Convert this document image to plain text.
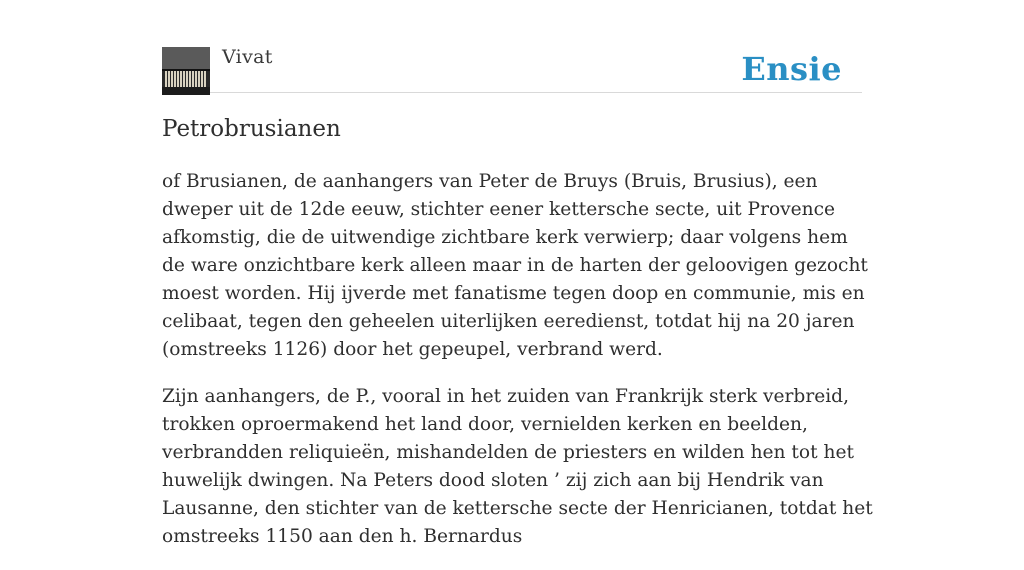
Vivat	Ensie
Petrobrusianen

of Brusianen, de aanhangers van Peter de Bruys (Bruis, Brusius), een dweper uit de 12de eeuw, stichter eener kettersche secte, uit Provence afkomstig, die de uitwendige zichtbare kerk verwierp; daar volgens hem de ware onzichtbare kerk alleen maar in de harten der geloovigen gezocht moest worden. Hij ijverde met fanatisme tegen doop en communie, mis en celibaat, tegen den geheelen uiterlijken eeredienst, totdat hij na 20 jaren (omstreeks 1126) door het gepeupel, verbrand werd.

Zijn aanhangers, de P., vooral in het zuiden van Frankrijk sterk verbreid, trokken oproermakend het land door, vernielden kerken en beelden, verbrandden reliquieën, mishandelden de priesters en wilden hen tot het huwelijk dwingen. Na Peters dood sloten ’ zij zich aan bij Hendrik van Lausanne, den stichter van de kettersche secte der Henricianen, totdat het omstreeks 1150 aan den h. Bernardus
